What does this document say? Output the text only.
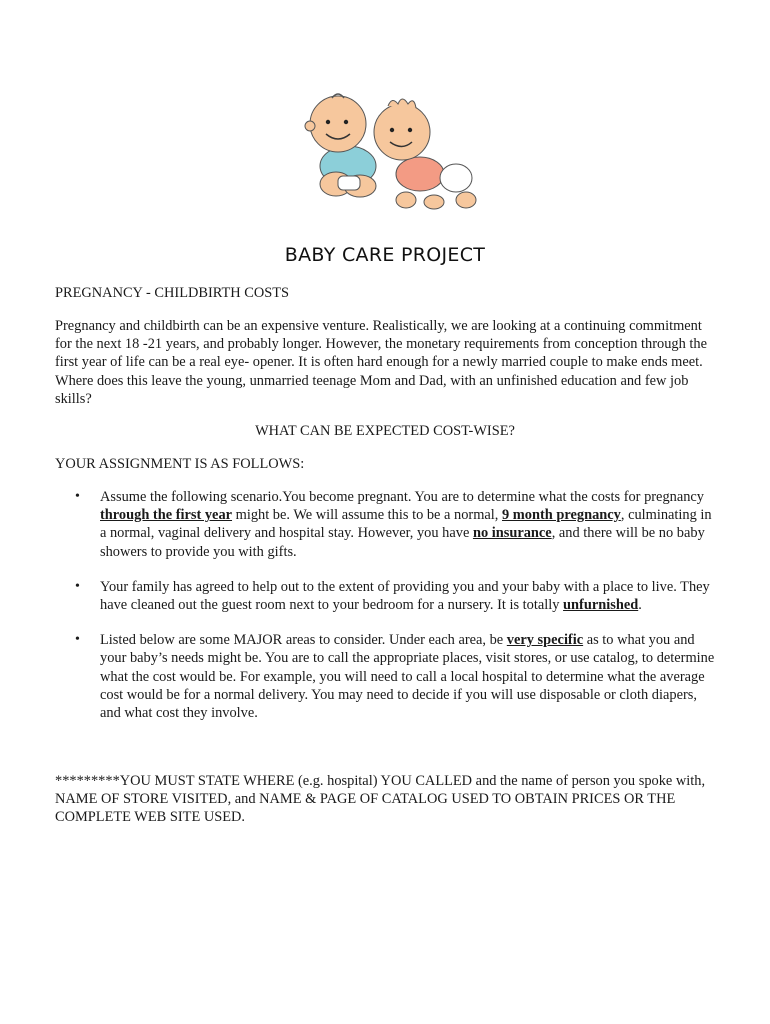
BABY CARE PROJECT
PREGNANCY - CHILDBIRTH COSTS
Pregnancy and childbirth can be an expensive venture. Realistically, we are looking at a continuing commitment for the next 18 -21 years, and probably longer. However, the monetary requirements from conception through the first year of life can be a real eye- opener. It is often hard enough for a newly married couple to make ends meet. Where does this leave the young, unmarried teenage Mom and Dad, with an unfinished education and few job skills?
WHAT CAN BE EXPECTED COST-WISE?
YOUR ASSIGNMENT IS AS FOLLOWS:
• Assume the following scenario.You become pregnant. You are to determine what the costs for pregnancy through the first year might be. We will assume this to be a normal, 9 month pregnancy, culminating in a normal, vaginal delivery and hospital stay. However, you have no insurance, and there will be no baby showers to provide you with gifts.
• Your family has agreed to help out to the extent of providing you and your baby with a place to live. They have cleaned out the guest room next to your bedroom for a nursery. It is totally unfurnished.
• Listed below are some MAJOR areas to consider. Under each area, be very specific as to what you and your baby’s needs might be. You are to call the appropriate places, visit stores, or use catalog, to determine what the cost would be. For example, you will need to call a local hospital to determine what the average cost would be for a normal delivery. You may need to decide if you will use disposable or cloth diapers, and what cost they involve.
*********YOU MUST STATE WHERE (e.g. hospital) YOU CALLED and the name of person you spoke with, NAME OF STORE VISITED, and NAME & PAGE OF CATALOG USED TO OBTAIN PRICES OR THE COMPLETE WEB SITE USED.
